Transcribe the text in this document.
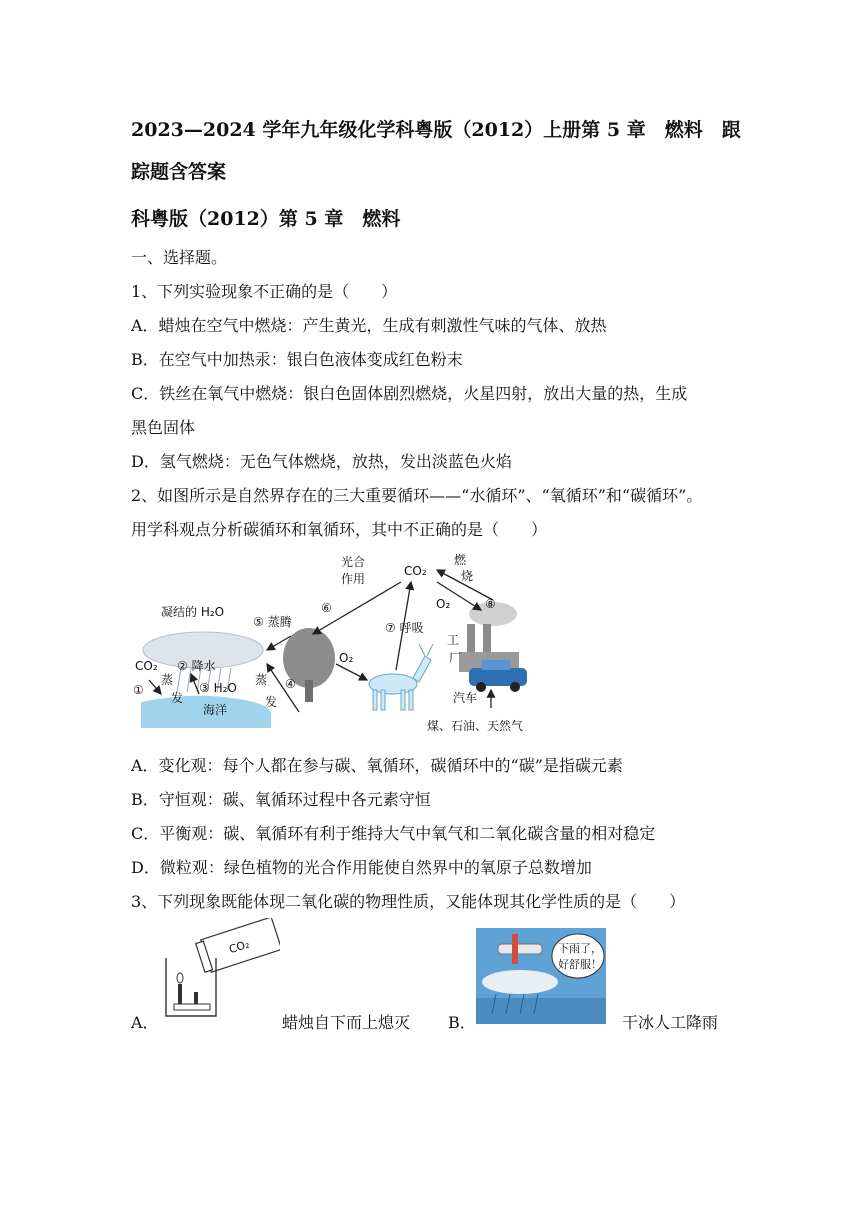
2023—2024 学年九年级化学科粤版（2012）上册第 5 章　燃料　跟
踪题含答案
科粤版（2012）第 5 章　燃料
一、选择题。
1、下列实验现象不正确的是（　　）
A．蜡烛在空气中燃烧：产生黄光，生成有刺激性气味的气体、放热
B．在空气中加热汞：银白色液体变成红色粉末
C．铁丝在氧气中燃烧：银白色固体剧烈燃烧，火星四射，放出大量的热，生成
黑色固体
D．氢气燃烧：无色气体燃烧，放热，发出淡蓝色火焰
2、如图所示是自然界存在的三大重要循环——“水循环”、“氧循环”和“碳循环”。
用学科观点分析碳循环和氧循环，其中不正确的是（　　）
CO₂
光合
作用
燃
烧
O₂	⑧
⑥
⑦ 呼吸
凝结的 H₂O
⑤ 蒸腾
CO₂ ② 降水
①
蒸
发
③ H₂O
蒸
发
④
O₂
海洋
工
厂
汽车
煤、石油、天然气
A．变化观：每个人都在参与碳、氧循环，碳循环中的“碳”是指碳元素
B．守恒观：碳、氧循环过程中各元素守恒
C．平衡观：碳、氧循环有利于维持大气中氧气和二氧化碳含量的相对稳定
D．微粒观：绿色植物的光合作用能使自然界中的氧原子总数增加
3、下列现象既能体现二氧化碳的物理性质，又能体现其化学性质的是（　　）
A．
CO₂
蜡烛自下而上熄灭 B．
下雨了，
好舒服！
干冰人工降雨
